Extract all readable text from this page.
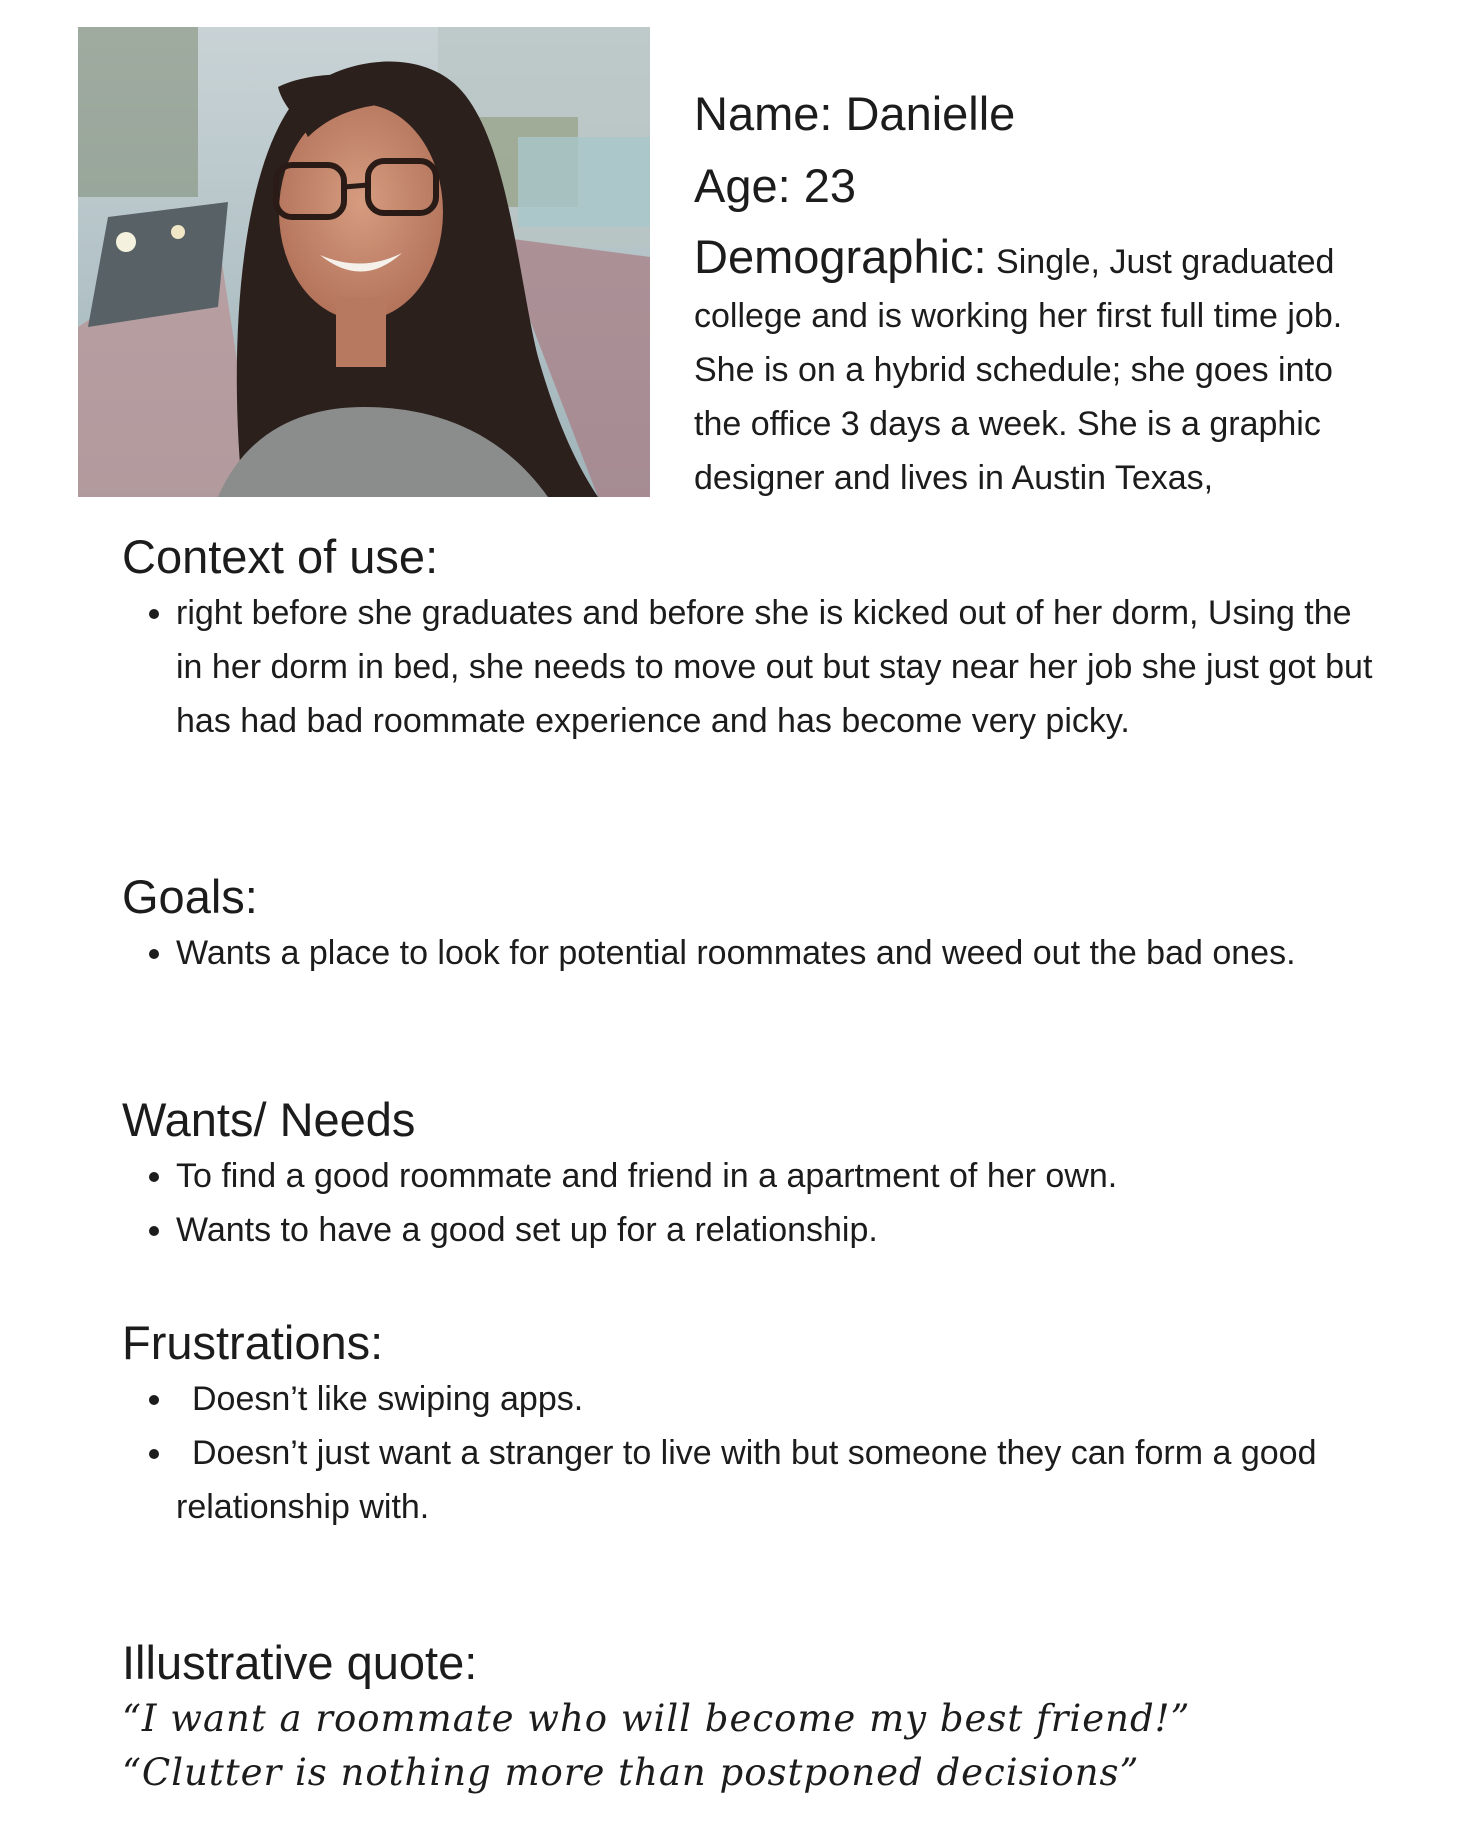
Name: Danielle
Age: 23
Demographic: Single, Just graduated college and is working her first full time job. She is on a hybrid schedule; she goes into the office 3 days a week. She is a graphic designer and lives in Austin Texas,
Context of use:
• right before she graduates and before she is kicked out of her dorm, Using the in her dorm in bed, she needs to move out but stay near her job she just got but has had bad roommate experience and has become very picky.
Goals:
• Wants a place to look for potential roommates and weed out the bad ones.
Wants/ Needs
• To find a good roommate and friend in a apartment of her own.
• Wants to have a good set up for a relationship.
Frustrations:
• Doesn’t like swiping apps.
• Doesn’t just want a stranger to live with but someone they can form a good relationship with.
Illustrative quote:
“I want a roommate who will become my best friend!”
“Clutter is nothing more than postponed decisions”
